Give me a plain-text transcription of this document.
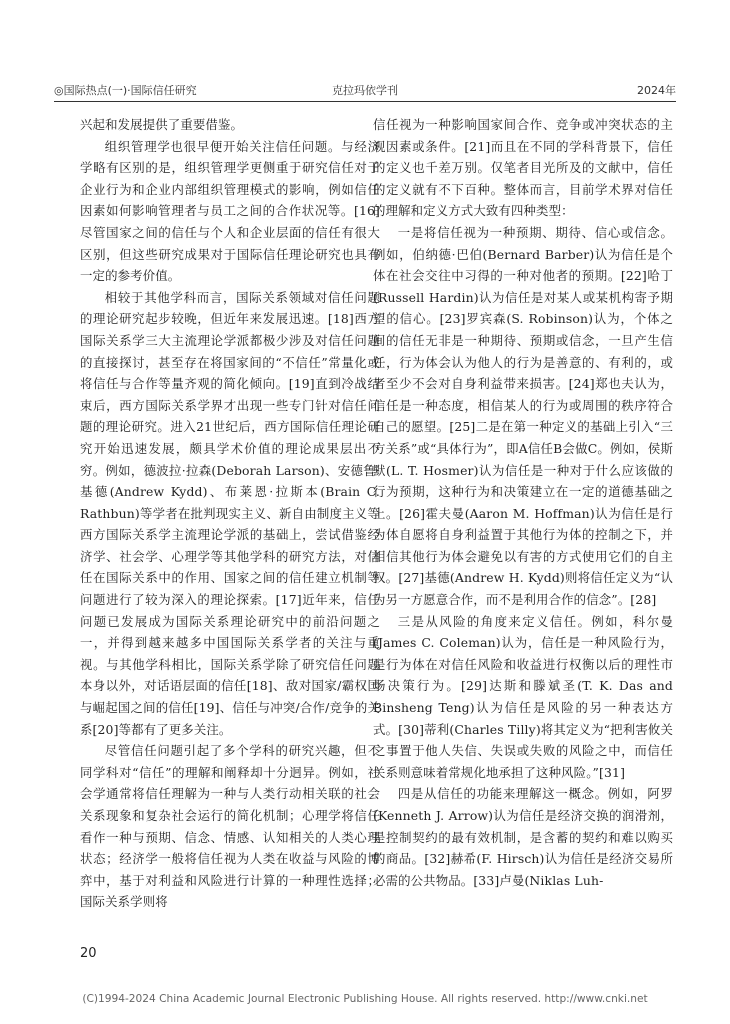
◎国际热点(一)·国际信任研究	克拉玛依学刊	2024年

兴起和发展提供了重要借鉴。

组织管理学也很早便开始关注信任问题。与经济学略有区别的是，组织管理学更侧重于研究信任对于企业行为和企业内部组织管理模式的影响，例如信任因素如何影响管理者与员工之间的合作状况等。[16]尽管国家之间的信任与个人和企业层面的信任有很大区别，但这些研究成果对于国际信任理论研究也具有一定的参考价值。

相较于其他学科而言，国际关系领域对信任问题的理论研究起步较晚，但近年来发展迅速。[18]西方国际关系学三大主流理论学派都极少涉及对信任问题的直接探讨，甚至存在将国家间的“不信任”常量化或将信任与合作等量齐观的简化倾向。[19]直到冷战结束后，西方国际关系学界才出现一些专门针对信任问题的理论研究。进入21世纪后，西方国际信任理论研究开始迅速发展，颇具学术价值的理论成果层出不穷。例如，德波拉·拉森(Deborah Larson)、安德鲁·基德(Andrew Kydd)、布莱恩·拉斯本(Brain C. Rathbun)等学者在批判现实主义、新自由制度主义等西方国际关系学主流理论学派的基础上，尝试借鉴经济学、社会学、心理学等其他学科的研究方法，对信任在国际关系中的作用、国家之间的信任建立机制等问题进行了较为深入的理论探索。[17]近年来，信任问题已发展成为国际关系理论研究中的前沿问题之一，并得到越来越多中国国际关系学者的关注与重视。与其他学科相比，国际关系学除了研究信任问题本身以外，对话语层面的信任[18]、敌对国家/霸权国与崛起国之间的信任[19]、信任与冲突/合作/竞争的关系[20]等都有了更多关注。

尽管信任问题引起了多个学科的研究兴趣，但不同学科对“信任”的理解和阐释却十分迥异。例如，社会学通常将信任理解为一种与人类行动相关联的社会关系现象和复杂社会运行的简化机制；心理学将信任看作一种与预期、信念、情感、认知相关的人类心理状态；经济学一般将信任视为人类在收益与风险的博弈中，基于对利益和风险进行计算的一种理性选择；国际关系学则将

信任视为一种影响国家间合作、竞争或冲突状态的主观因素或条件。[21]而且在不同的学科背景下，信任的定义也千差万别。仅笔者目光所及的文献中，信任的定义就有不下百种。整体而言，目前学术界对信任的理解和定义方式大致有四种类型：

一是将信任视为一种预期、期待、信心或信念。例如，伯纳德·巴伯(Bernard Barber)认为信任是个体在社会交往中习得的一种对他者的预期。[22]哈丁(Russell Hardin)认为信任是对某人或某机构寄予期望的信心。[23]罗宾森(S. Robinson)认为，个体之间的信任无非是一种期待、预期或信念，一旦产生信任，行为体会认为他人的行为是善意的、有利的，或者至少不会对自身利益带来损害。[24]郑也夫认为，信任是一种态度，相信某人的行为或周围的秩序符合自己的愿望。[25]二是在第一种定义的基础上引入“三方关系”或“具体行为”，即A信任B会做C。例如，侯斯默(L. T. Hosmer)认为信任是一种对于什么应该做的行为预期，这种行为和决策建立在一定的道德基础之上。[26]霍夫曼(Aaron M. Hoffman)认为信任是行为体自愿将自身利益置于其他行为体的控制之下，并相信其他行为体会避免以有害的方式使用它们的自主权。[27]基德(Andrew H. Kydd)则将信任定义为“认为另一方愿意合作，而不是利用合作的信念”。[28]

三是从风险的角度来定义信任。例如，科尔曼(James C. Coleman)认为，信任是一种风险行为，是行为体在对信任风险和收益进行权衡以后的理性市场决策行为。[29]达斯和滕斌圣(T. K. Das and Binsheng Teng)认为信任是风险的另一种表达方式。[30]蒂利(Charles Tilly)将其定义为“把利害攸关之事置于他人失信、失误或失败的风险之中，而信任关系则意味着常规化地承担了这种风险。”[31]

四是从信任的功能来理解这一概念。例如，阿罗(Kenneth J. Arrow)认为信任是经济交换的润滑剂，是控制契约的最有效机制，是含蓄的契约和难以购买的商品。[32]赫希(F. Hirsch)认为信任是经济交易所必需的公共物品。[33]卢曼(Niklas Luh-

20
(C)1994-2024 China Academic Journal Electronic Publishing House. All rights reserved. http://www.cnki.net
